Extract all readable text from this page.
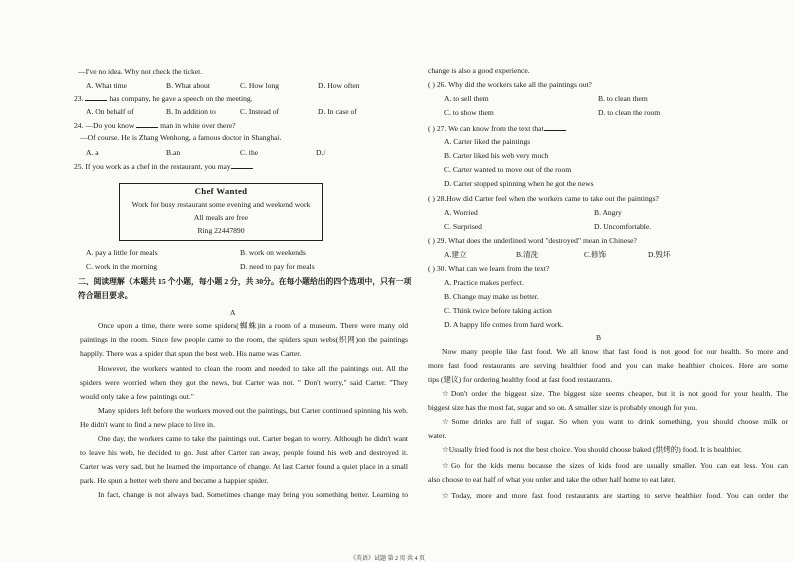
—I've no idea. Why not check the ticket.
A. What time	B. What about	C. How long	D. How often
23.	has company, he gave a speech on the meeting.
A. On behalf of	B. In addition to	C. Instead of	D. In case of
24. —Do you know	man in white over there?
—Of course. He is Zhang Wenhong, a famous doctor in Shanghai.
A. a	B.an	C. the	D./
25. If you work as a chef in the restaurant, you may
Chef Wanted
Work for busy restaurant some evening and weekend work
All meals are free
Ring 22447890
A. pay a little for meals	B. work on weekends
C. work in the morning	D. need to pay for meals
二、阅读理解（本题共 15 个小题，每小题 2 分，共 30分。在每小题给出的四个选项中，只有一项
符合题目要求。
A
Once upon a time, there were some spiders(蜘蛛)in a room of a museum. There were many old
paintings in the room. Since few people came to the room, the spiders spun webs(织网)on the paintings
happily. There was a spider that spun the best web. His name was Carter.
However, the workers wanted to clean the room and needed to take all the paintings out. All the
spiders were worried when they got the news, but Carter was not. " Don't worry," said Carter. "They
would only take a few paintings out."
Many spiders left before the workers moved out the paintings, but Carter continued spinning his web.
He didn't want to find a new place to live in.
One day, the workers came to take the paintings out. Carter began to worry. Although he didn't want
to leave his web, he decided to go. Just after Carter ran away, people found his web and destroyed it.
Carter was very sad, but he learned the importance of change. At last Carter found a quiet place in a small
park. He spun a better web there and became a happier spider.
In fact, change is not always bad. Sometimes change may bring you something better. Learning to
change is also a good experience.
( ) 26. Why did the workers take all the paintings out?
A. to sell them	B. to clean them
C. to show them	D. to clean the room
( ) 27. We can know from the text that
A. Carter liked the paintings
B. Carter liked his web very much
C. Carter wanted to move out of the room
D. Carter stopped spinning when he got the news
( ) 28.How did Carter feel when the workers came to take out the paintings?
A. Worried	B. Angry
C. Surprised	D. Uncomfortable.
( ) 29. What does the underlined word "destroyed" mean in Chinese?
A.建立	B.清洗	C.修饰	D.毁坏
( ) 30. What can we learn from the text?
A. Practice makes perfect.
B. Change may make us better.
C. Think twice before taking action
D. A happy life comes from hard work.
B
Now many people like fast food. We all know that fast food is not good for our health. So more and
more fast food restaurants are serving healthier food and you can make healthier choices. Here are some
tips (建议) for ordering healthy food at fast food restaurants.
☆Don't order the biggest size. The biggest size seems cheaper, but it is not good for your health. The
biggest size has the most fat, sugar and so on. A smaller size is probably enough for you.
☆Some drinks are full of sugar. So when you want to drink something, you should choose milk or
water.
☆Usually fried food is not the best choice. You should choose baked (烘烤的) food. It is healthier.
☆Go for the kids menu because the sizes of kids food are usually smaller. You can eat less. You can
also choose to eat half of what you order and take the other half home to eat later.
☆Today, more and more fast food restaurants are starting to serve healthier food. You can order the
《英语》试题 第 2 页 共 4 页
